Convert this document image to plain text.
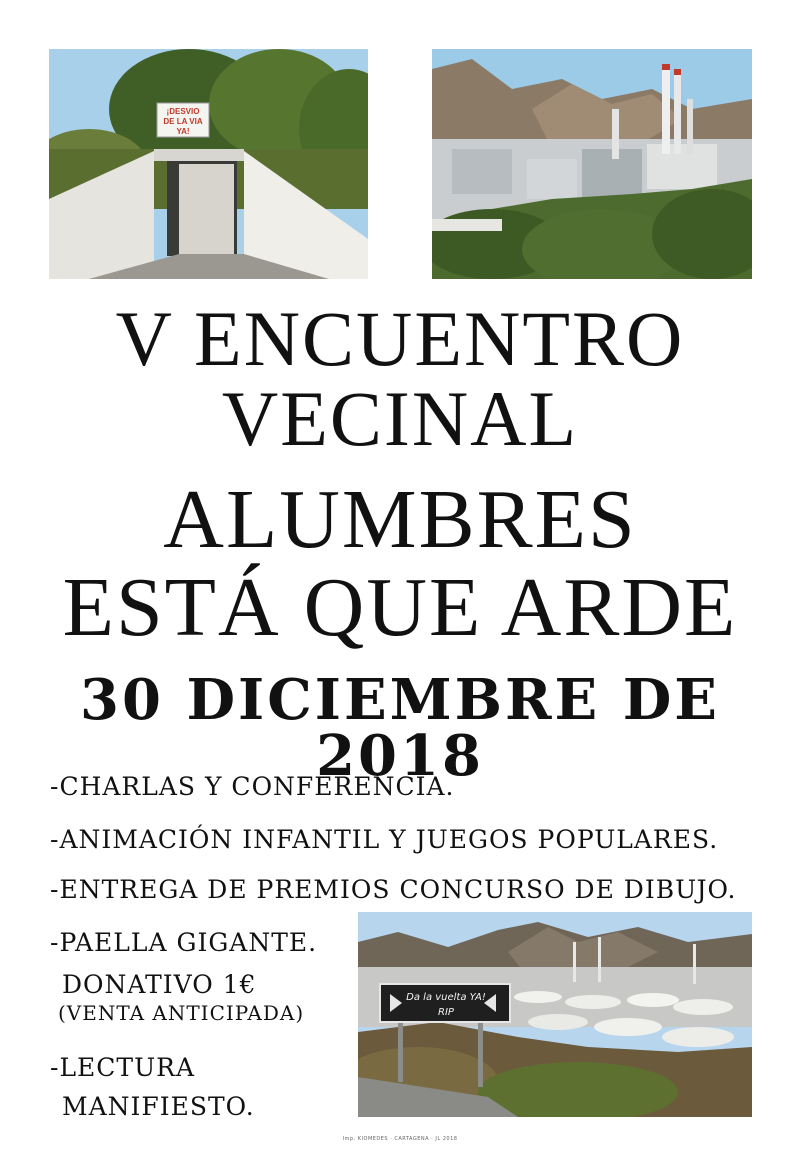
¡DESVIO
DE LA VIA
YA!
V ENCUENTRO
VECINAL
ALUMBRES
ESTÁ QUE ARDE
30 DICIEMBRE DE 2018
-CHARLAS Y CONFERENCIA.
-ANIMACIÓN INFANTIL Y JUEGOS POPULARES.
-ENTREGA DE PREMIOS CONCURSO DE DIBUJO.
-PAELLA GIGANTE.
DONATIVO 1€
(VENTA ANTICIPADA)
-LECTURA
MANIFIESTO.
Da la vuelta YA!
RIP
Imp. KIOMEDES · CARTAGENA · JL 2018
